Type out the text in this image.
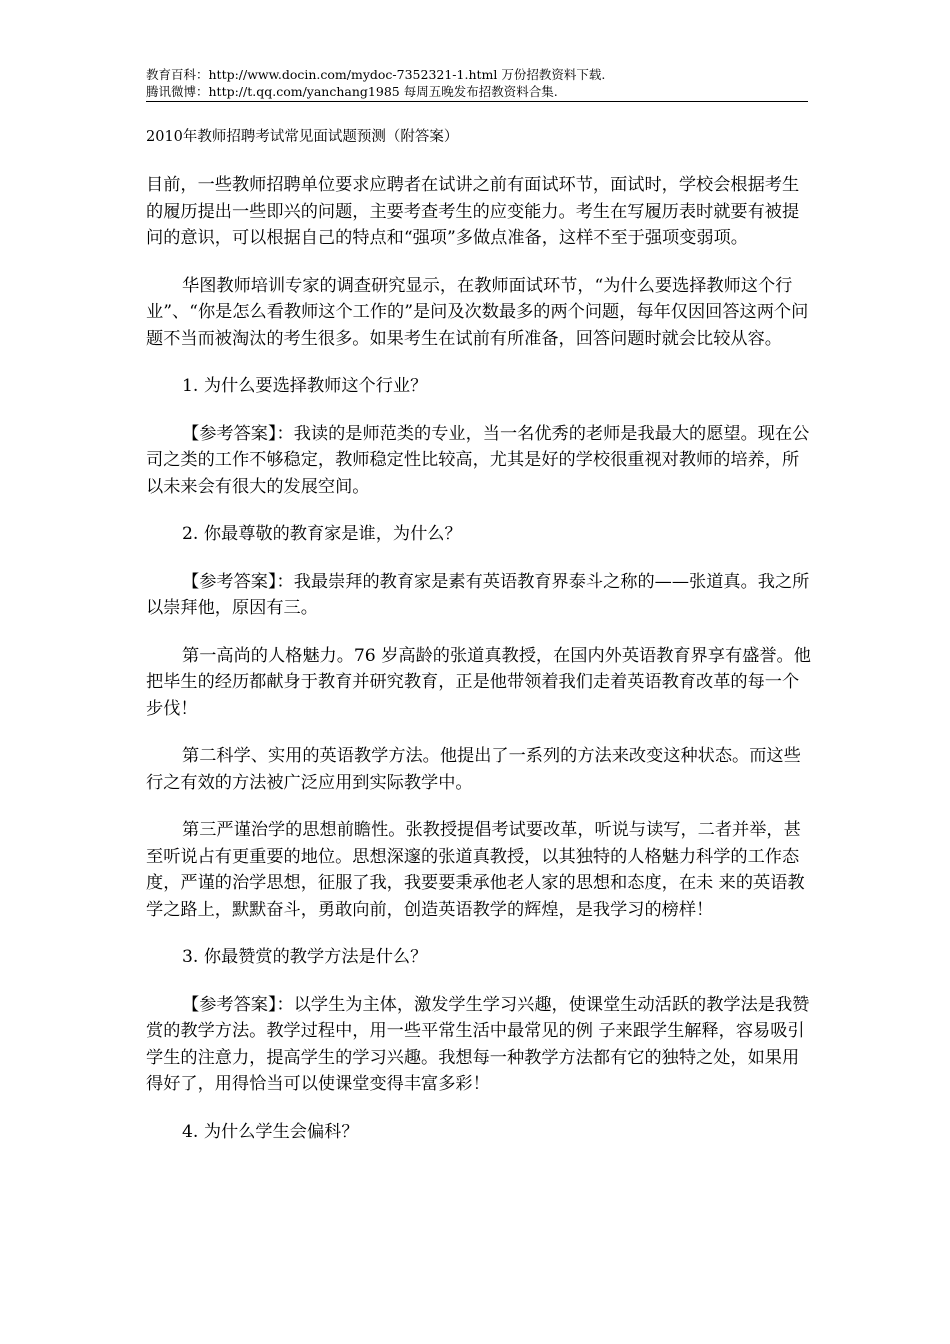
教育百科：http://www.docin.com/mydoc-7352321-1.html 万份招教资料下载.
腾讯微博：http://t.qq.com/yanchang1985 每周五晚发布招教资料合集.
2010年教师招聘考试常见面试题预测（附答案）

目前，一些教师招聘单位要求应聘者在试讲之前有面试环节，面试时，学校会根据考生的履历提出一些即兴的问题，主要考查考生的应变能力。考生在写履历表时就要有被提问的意识，可以根据自己的特点和“强项”多做点准备，这样不至于强项变弱项。

华图教师培训专家的调查研究显示，在教师面试环节，“为什么要选择教师这个行业”、“你是怎么看教师这个工作的”是问及次数最多的两个问题，每年仅因回答这两个问题不当而被淘汰的考生很多。如果考生在试前有所准备，回答问题时就会比较从容。

1. 为什么要选择教师这个行业？

【参考答案】：我读的是师范类的专业，当一名优秀的老师是我最大的愿望。现在公司之类的工作不够稳定，教师稳定性比较高，尤其是好的学校很重视对教师的培养，所以未来会有很大的发展空间。

2. 你最尊敬的教育家是谁，为什么？

【参考答案】：我最崇拜的教育家是素有英语教育界泰斗之称的——张道真。我之所以崇拜他，原因有三。

第一高尚的人格魅力。76 岁高龄的张道真教授，在国内外英语教育界享有盛誉。他把毕生的经历都献身于教育并研究教育，正是他带领着我们走着英语教育改革的每一个步伐！

第二科学、实用的英语教学方法。他提出了一系列的方法来改变这种状态。而这些行之有效的方法被广泛应用到实际教学中。

第三严谨治学的思想前瞻性。张教授提倡考试要改革，听说与读写，二者并举，甚至听说占有更重要的地位。思想深邃的张道真教授，以其独特的人格魅力科学的工作态度，严谨的治学思想，征服了我，我要要秉承他老人家的思想和态度，在未 来的英语教学之路上，默默奋斗，勇敢向前，创造英语教学的辉煌，是我学习的榜样！

3. 你最赞赏的教学方法是什么？

【参考答案】：以学生为主体，激发学生学习兴趣，使课堂生动活跃的教学法是我赞赏的教学方法。教学过程中，用一些平常生活中最常见的例 子来跟学生解释，容易吸引学生的注意力，提高学生的学习兴趣。我想每一种教学方法都有它的独特之处，如果用得好了，用得恰当可以使课堂变得丰富多彩！

4. 为什么学生会偏科？
